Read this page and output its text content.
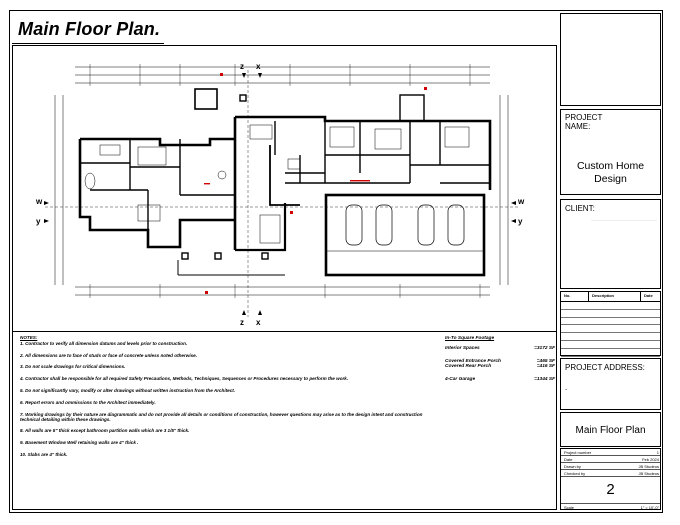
Main Floor Plan.
z x
z x
w
y
w
y
NOTES:
1. Contractor to verify all dimension datums and levels prior to construction.
2. All dimensions are to face of studs or face of concrete unless noted otherwise.
3. Do not scale drawings for critical dimensions.
4. Contractor shall be responsible for all required Safety Precautions, Methods, Techniques, Sequences or Procedures necessary to perform the work.
5. Do not significantly vary, modify or alter drawings without written instruction from the Architect.
6. Report errors and ommissions to the Architect immediately.
7. Working drawings by their nature are diagrammatic and do not provide all details or conditions of construction, however questions may arise as to the design intent and construction technical detailing within these drawings.
8. All walls are 5" thick except bathroom partition walls which are 3 1/5" thick.
9. Basement Window Well retaining walls are 4" thick .
10. Slabs are 4" thick.
In-To Square Footage
Interior Spaces	=3172 SF
Covered Entrance Porch	=465 SF
Covered Rear Porch	=416 SF
4-Car Garage	=1344 SF
PROJECT
NAME:
Custom Home
Design
CLIENT:
No.	Description	Date
PROJECT ADDRESS:
.
Main Floor Plan
Project number	1
Date	Feb 2024
Drawn by	JB Studeos
Checked by	JB Studeos
2
Scale	1" = 10'-0"
